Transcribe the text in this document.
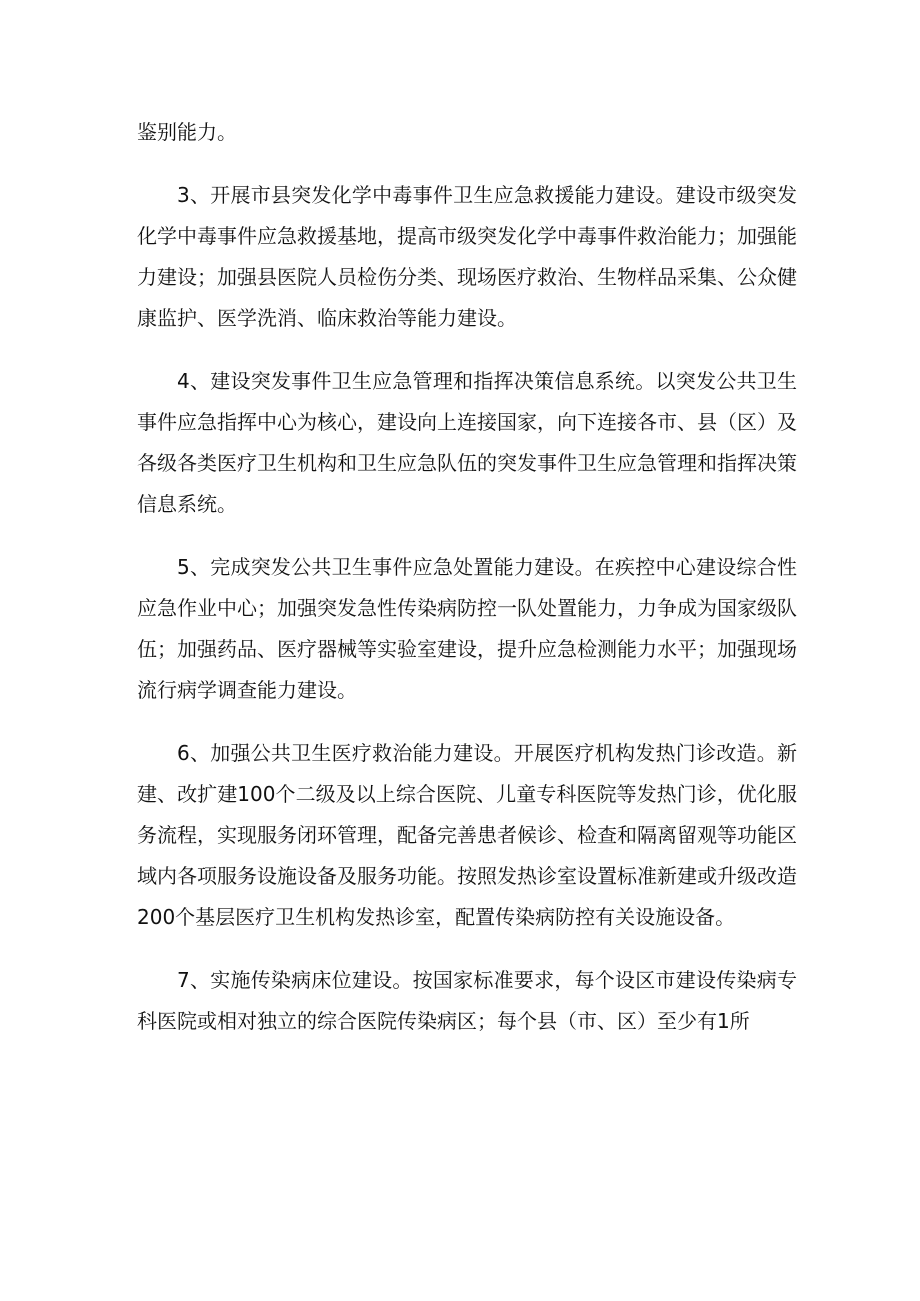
鉴别能力。

3、开展市县突发化学中毒事件卫生应急救援能力建设。建设市级突发化学中毒事件应急救援基地，提高市级突发化学中毒事件救治能力；加强能力建设；加强县医院人员检伤分类、现场医疗救治、生物样品采集、公众健康监护、医学洗消、临床救治等能力建设。

4、建设突发事件卫生应急管理和指挥决策信息系统。以突发公共卫生事件应急指挥中心为核心，建设向上连接国家，向下连接各市、县（区）及各级各类医疗卫生机构和卫生应急队伍的突发事件卫生应急管理和指挥决策信息系统。

5、完成突发公共卫生事件应急处置能力建设。在疾控中心建设综合性应急作业中心；加强突发急性传染病防控一队处置能力，力争成为国家级队伍；加强药品、医疗器械等实验室建设，提升应急检测能力水平；加强现场流行病学调查能力建设。

6、加强公共卫生医疗救治能力建设。开展医疗机构发热门诊改造。新建、改扩建100个二级及以上综合医院、儿童专科医院等发热门诊，优化服务流程，实现服务闭环管理，配备完善患者候诊、检查和隔离留观等功能区域内各项服务设施设备及服务功能。按照发热诊室设置标准新建或升级改造200个基层医疗卫生机构发热诊室，配置传染病防控有关设施设备。

7、实施传染病床位建设。按国家标准要求，每个设区市建设传染病专科医院或相对独立的综合医院传染病区；每个县（市、区）至少有1所
